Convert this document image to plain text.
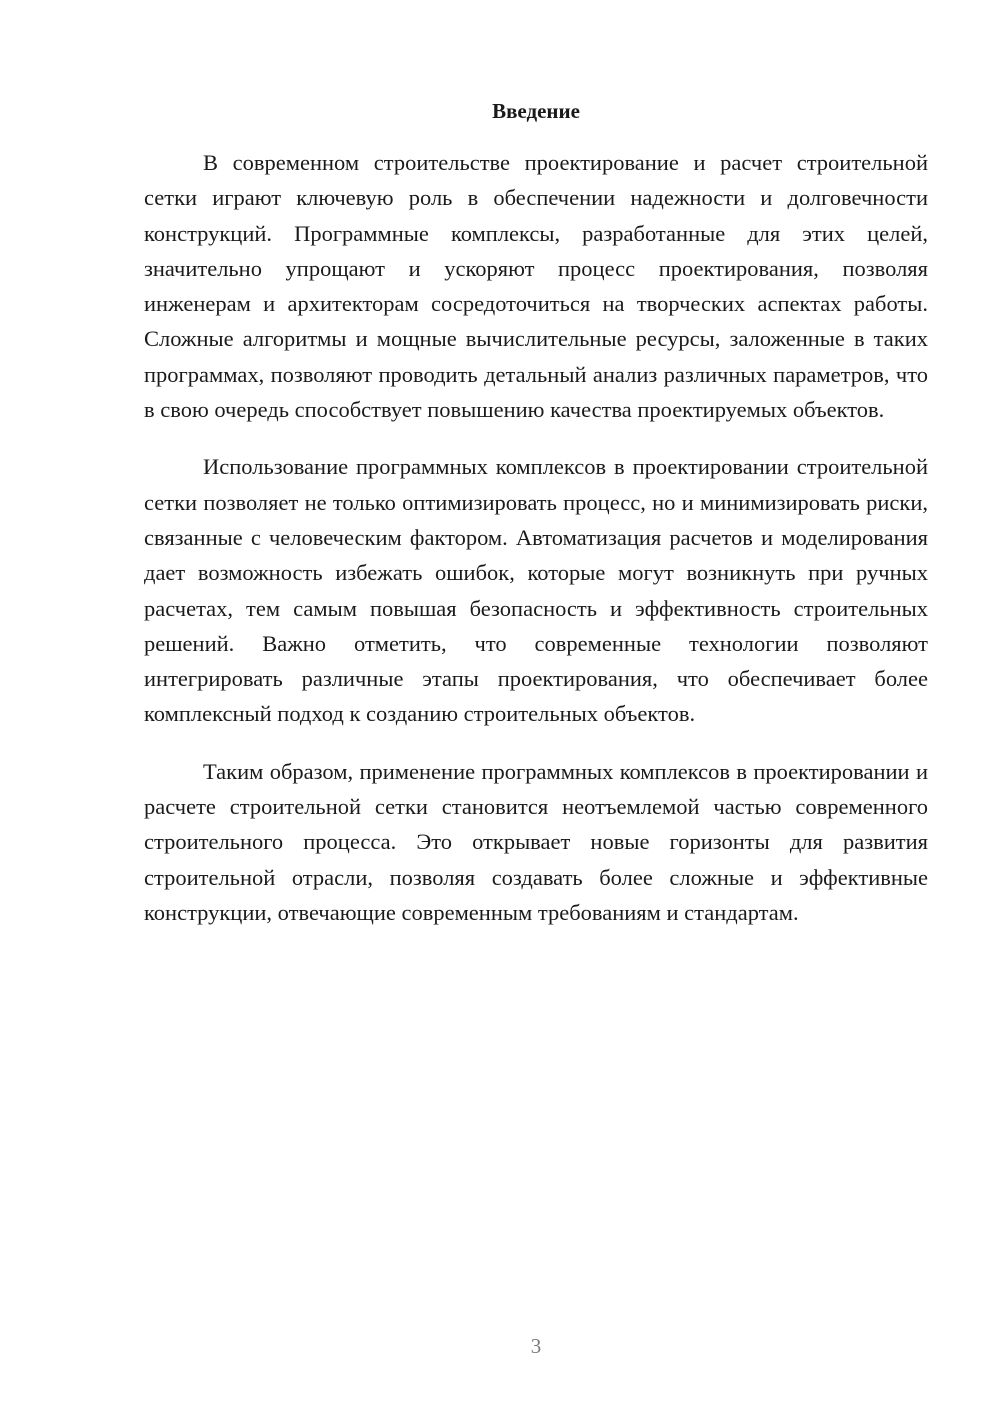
Введение

В современном строительстве проектирование и расчет строительной сетки играют ключевую роль в обеспечении надежности и долговечности конструкций. Программные комплексы, разработанные для этих целей, значительно упрощают и ускоряют процесс проектирования, позволяя инженерам и архитекторам сосредоточиться на творческих аспектах работы. Сложные алгоритмы и мощные вычислительные ресурсы, заложенные в таких программах, позволяют проводить детальный анализ различных параметров, что в свою очередь способствует повышению качества проектируемых объектов.

Использование программных комплексов в проектировании строительной сетки позволяет не только оптимизировать процесс, но и минимизировать риски, связанные с человеческим фактором. Автоматизация расчетов и моделирования дает возможность избежать ошибок, которые могут возникнуть при ручных расчетах, тем самым повышая безопасность и эффективность строительных решений. Важно отметить, что современные технологии позволяют интегрировать различные этапы проектирования, что обеспечивает более комплексный подход к созданию строительных объектов.

Таким образом, применение программных комплексов в проектировании и расчете строительной сетки становится неотъемлемой частью современного строительного процесса. Это открывает новые горизонты для развития строительной отрасли, позволяя создавать более сложные и эффективные конструкции, отвечающие современным требованиям и стандартам.

3
